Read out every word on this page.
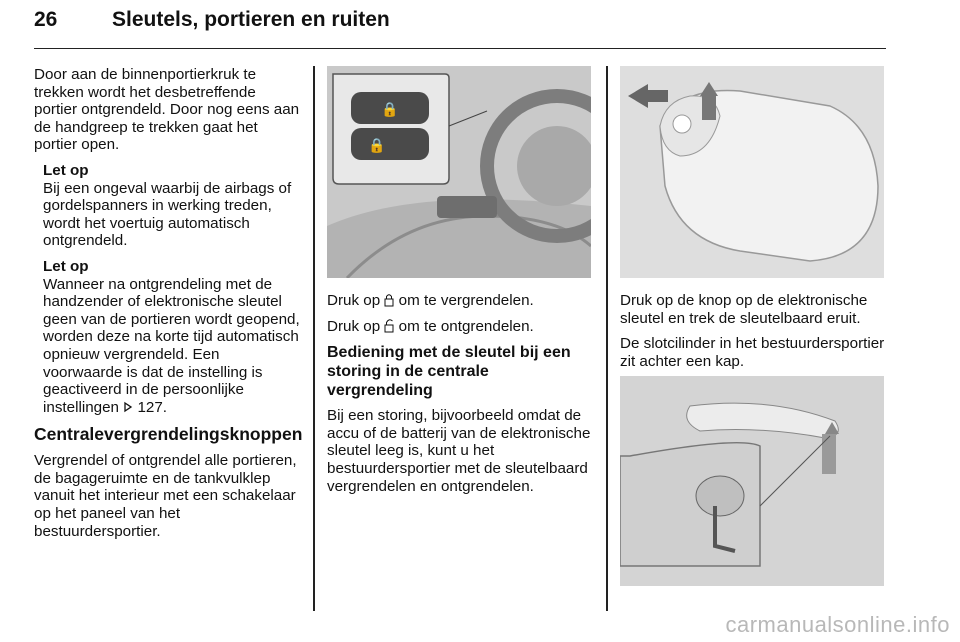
26	Sleutels, portieren en ruiten

Door aan de binnenportierkruk te trekken wordt het desbetreffende portier ontgrendeld. Door nog eens aan de handgreep te trekken gaat het portier open.

Let op
Bij een ongeval waarbij de airbags of gordelspanners in werking treden, wordt het voertuig automatisch ontgrendeld.
Let op
Wanneer na ontgrendeling met de handzender of elektronische sleutel geen van de portieren wordt geopend, worden deze na korte tijd automatisch opnieuw vergrendeld. Een voorwaarde is dat de instelling is geactiveerd in de persoonlijke instellingen 127.
Centralevergrendelingsknoppen

Vergrendel of ontgrendel alle portieren, de bagageruimte en de tankvulklep vanuit het interieur met een schakelaar op het paneel van het bestuurdersportier.

🔒
🔒

Druk op om te vergrendelen.

Druk op om te ontgrendelen.

Bediening met de sleutel bij een storing in de centrale vergrendeling

Bij een storing, bijvoorbeeld omdat de accu of de batterij van de elektronische sleutel leeg is, kunt u het bestuurdersportier met de sleutelbaard vergrendelen en ontgrendelen.

Druk op de knop op de elektronische sleutel en trek de sleutelbaard eruit.

De slotcilinder in het bestuurdersportier zit achter een kap.

carmanualsonline.info
